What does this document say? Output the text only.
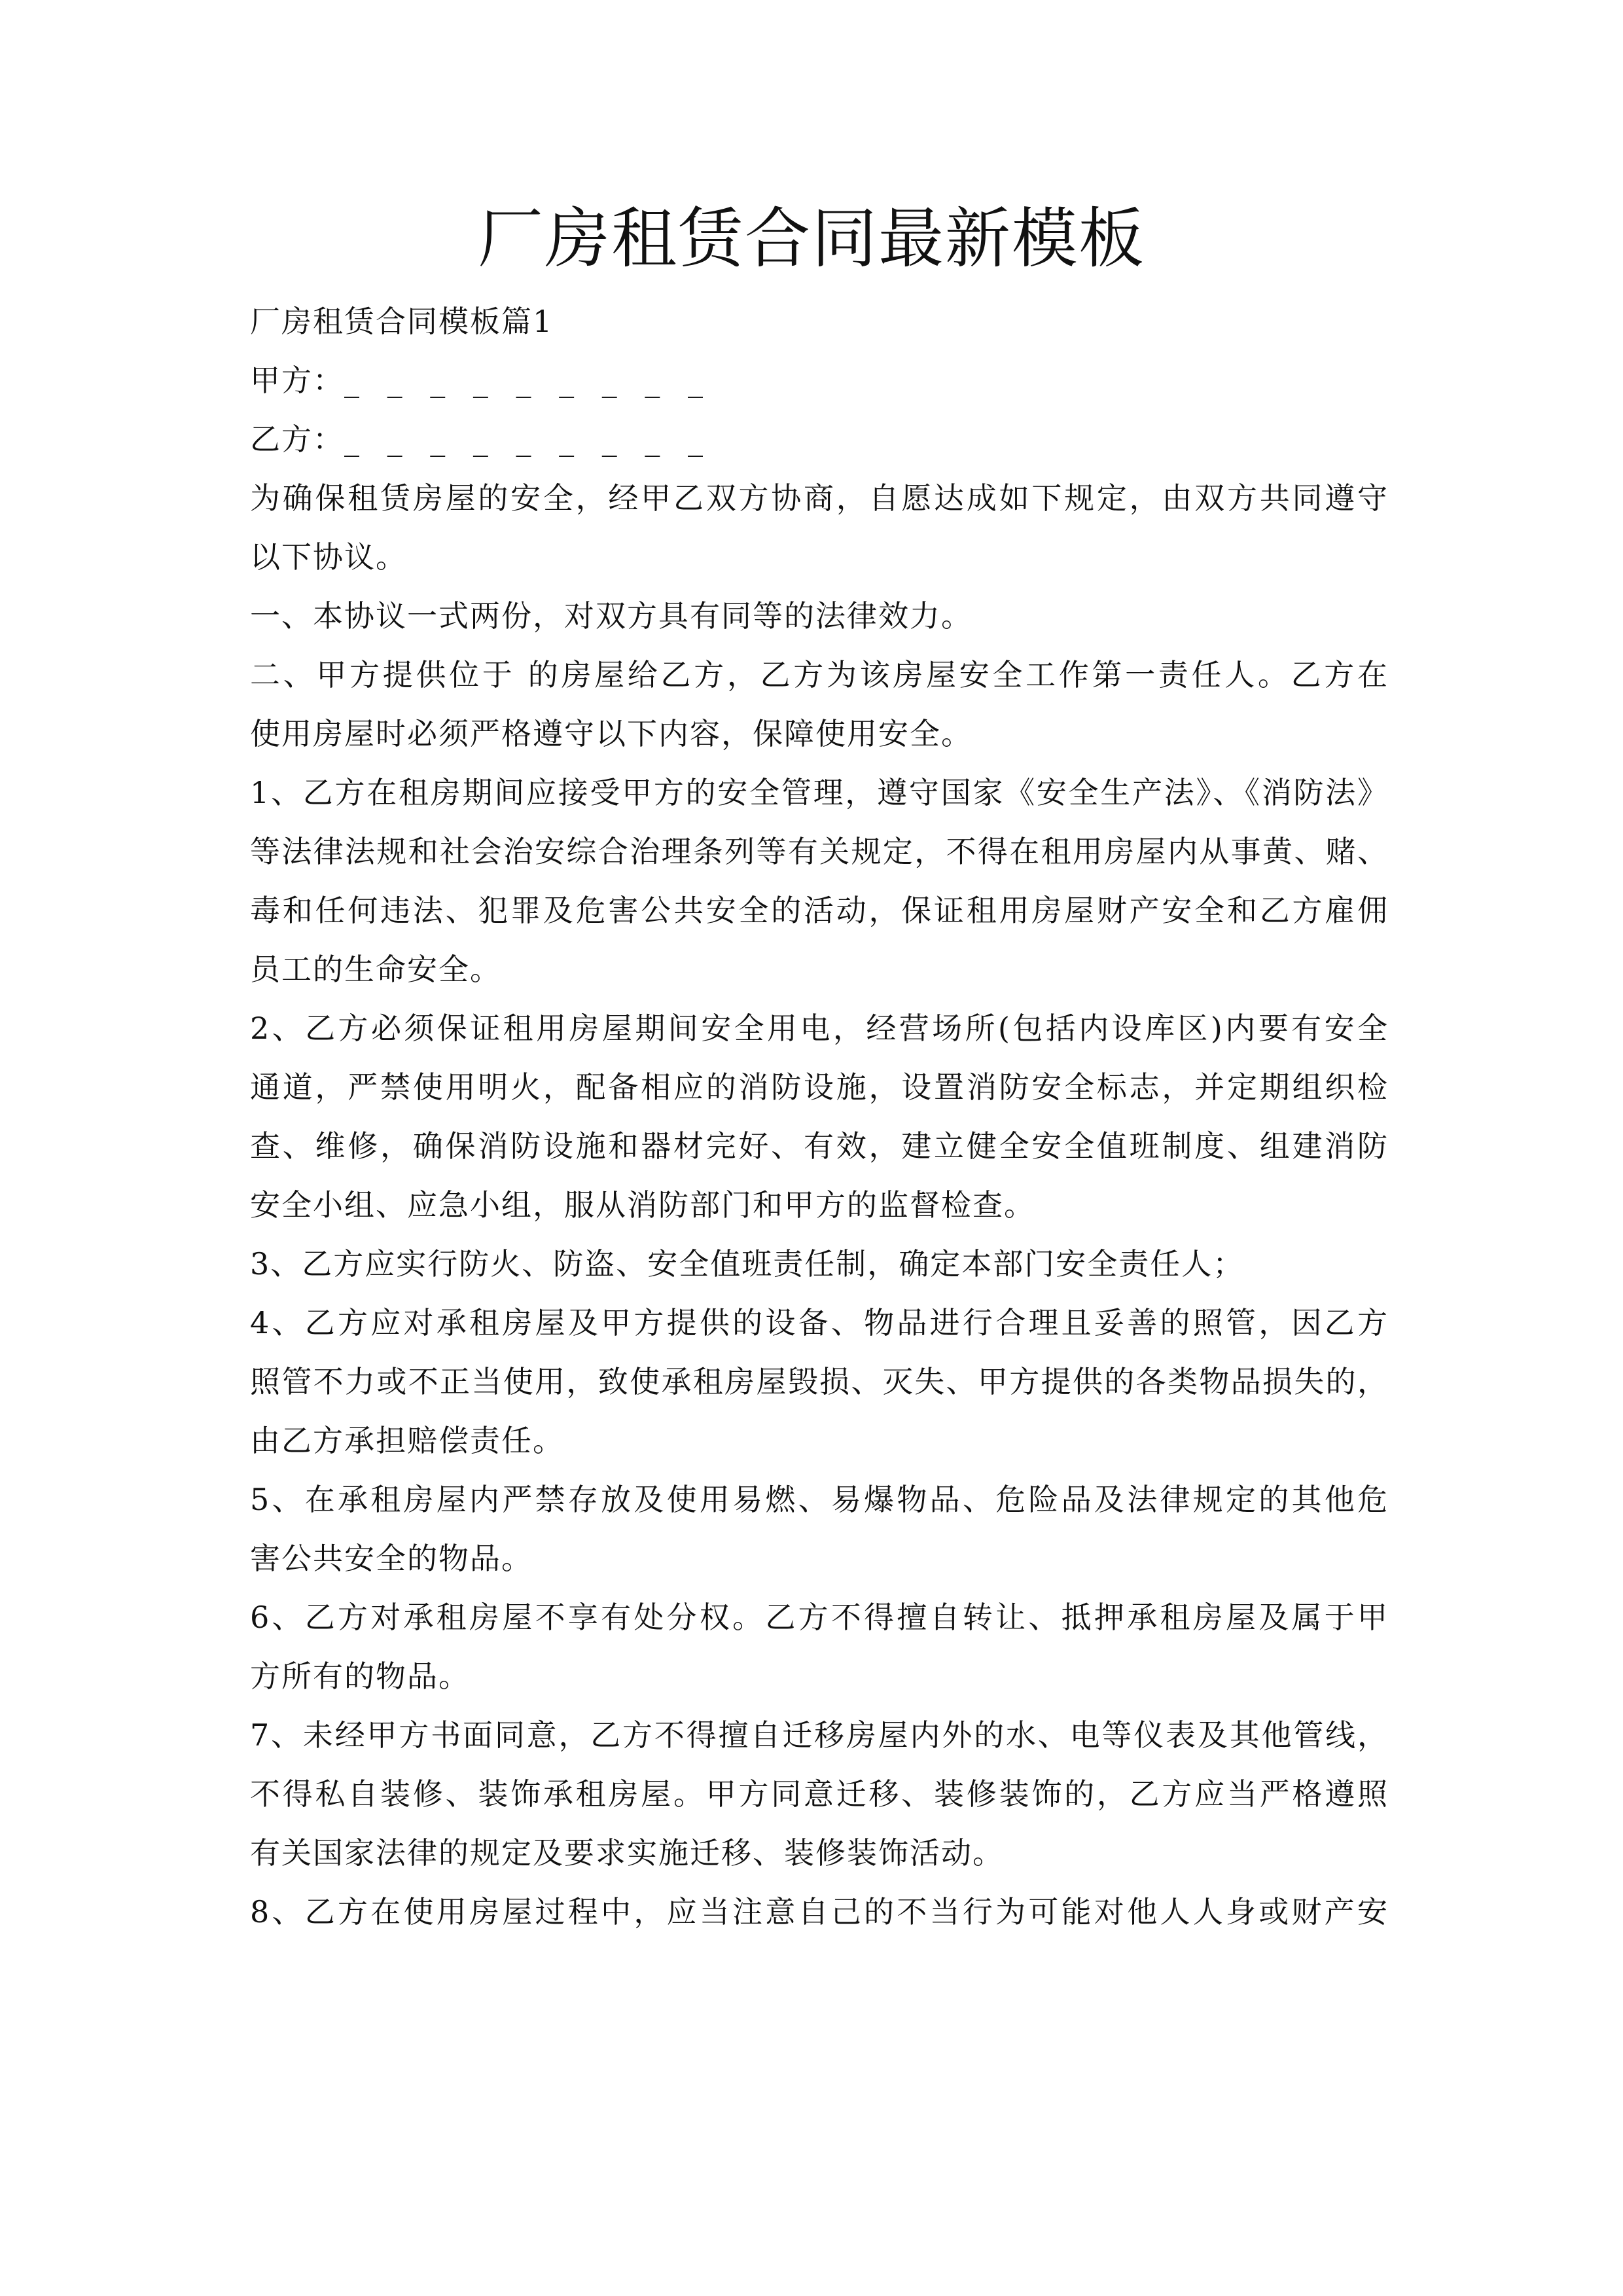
厂房租赁合同最新模板

厂房租赁合同模板篇1

甲方：_ _ _ _ _ _ _ _ _

乙方：_ _ _ _ _ _ _ _ _

为确保租赁房屋的安全，经甲乙双方协商，自愿达成如下规定，由双方共同遵守

以下协议。

一、本协议一式两份，对双方具有同等的法律效力。

二、甲方提供位于 的房屋给乙方，乙方为该房屋安全工作第一责任人。乙方在

使用房屋时必须严格遵守以下内容，保障使用安全。

1、乙方在租房期间应接受甲方的安全管理，遵守国家《安全生产法》、《消防法》

等法律法规和社会治安综合治理条列等有关规定，不得在租用房屋内从事黄、赌、

毒和任何违法、犯罪及危害公共安全的活动，保证租用房屋财产安全和乙方雇佣

员工的生命安全。

2、乙方必须保证租用房屋期间安全用电，经营场所(包括内设库区)内要有安全

通道，严禁使用明火，配备相应的消防设施，设置消防安全标志，并定期组织检

查、维修，确保消防设施和器材完好、有效，建立健全安全值班制度、组建消防

安全小组、应急小组，服从消防部门和甲方的监督检查。

3、乙方应实行防火、防盗、安全值班责任制，确定本部门安全责任人；

4、乙方应对承租房屋及甲方提供的设备、物品进行合理且妥善的照管，因乙方

照管不力或不正当使用，致使承租房屋毁损、灭失、甲方提供的各类物品损失的，

由乙方承担赔偿责任。

5、在承租房屋内严禁存放及使用易燃、易爆物品、危险品及法律规定的其他危

害公共安全的物品。

6、乙方对承租房屋不享有处分权。乙方不得擅自转让、抵押承租房屋及属于甲

方所有的物品。

7、未经甲方书面同意，乙方不得擅自迁移房屋内外的水、电等仪表及其他管线，

不得私自装修、装饰承租房屋。甲方同意迁移、装修装饰的，乙方应当严格遵照

有关国家法律的规定及要求实施迁移、装修装饰活动。

8、乙方在使用房屋过程中，应当注意自己的不当行为可能对他人人身或财产安
